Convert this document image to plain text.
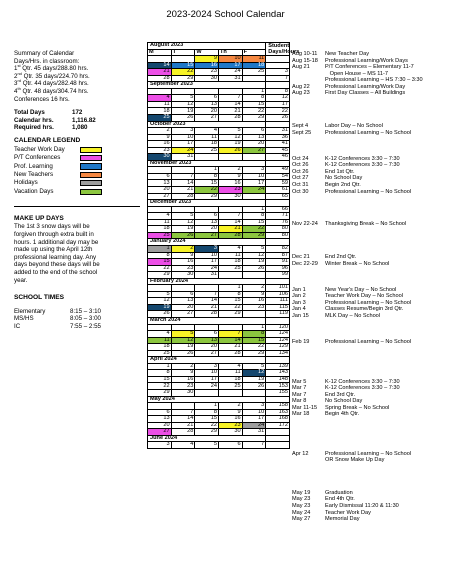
2023-2024 School Calendar
Summary of Calendar
Days/Hrs. in classroom:
1st Qtr. 45 days/288.80 hrs.
2nd Qtr. 35 days/224.70 hrs.
3rd Qtr. 44 days/282.48 hrs.
4th Qtr. 48 days/304.74 hrs.
Conferences 16 hrs.
Total Days	172
Calendar hrs.	1,116.82
Required hrs.	1,080
CALENDAR LEGEND
Teacher Work Day
P/T Conferences
Prof. Learning
New Teachers
Holidays
Vacation Days
MAKE UP DAYS
The 1st 3 snow days will be
forgiven through extra built in
hours. 1 additional day may be
made up using the April 12th
professional learning day. Any
days beyond these days will be
added to the end of the school
year.
SCHOOL TIMES
Elementary	8:15 – 3:10
MS/HS	8:05 – 3:00
IC	7:55 – 2:55
August 2023					Student Days/Hours
M	T	W	Th	F	
		9	10	11	
14	15	16	17	18	
21	22	23	24	25	3
28	29	30	31		7
September 2023					
				1	8
4	5	6	7	8	12
11	12	13	14	15	17
18	19	20	21	22	22
25	26	27	28	29	26
October 2023					
2	3	4	5	6	31
9	10	11	12	13	36
16	17	18	19	20	41
23	24	25	26	27	45
30	31				46
November 2023					
		1	2	3	49
6	7	8	9	10	54
13	14	15	16	17	59
20	21	22	23	24	61
27	28	29	30		65
December 2023					
				1	66
4	5	6	7	8	71
11	12	13	14	15	76
18	19	20	21	22	80
25	26	27	28	29	80
January 2024					
1	2	3	4	5	82
8	9	10	11	12	87
15	16	17	18	19	91
22	23	24	25	26	96
29	30	31			99
February 2024					
			1	2	101
5	6	7	8	9	106
12	13	14	15	16	111
19	20	21	22	23	115
26	27	28	29		119
March 2024					
				1	120
4	5	6	7	8	124
11	12	13	14	15	124
18	19	20	21	22	129
25	26	27	28	29	134
April 2024					
1	2	3	4	5	139
8	9	10	11	12	143
15	16	17	18	19	148
22	23	24	25	26	153
29	30				155
May 2024					
		1	2	3	158
6	7	8	9	10	163
13	14	15	16	17	168
20	21	22	23	24	172
27	28	29	30	31	
June 2024					
3	4	5	6	7	
Aug 10-11	New Teacher Day
Aug 15-18	Professional Learning/Work Days
Aug 21	P/T Conferences – Elementary 11-7
Open House – MS 11-7
Professional Learning – HS 7:30 – 3:30
Aug 22	Professional Learning/Work Day
Aug 23	First Day Classes – All Buildings
Sept 4	Labor Day – No School
Sept 25	Professional Learning – No School
Oct 24	K-12 Conferences 3:30 – 7:30
Oct 26	K-12 Conferences 3:30 – 7:30
Oct 26	End 1st Qtr.
Oct 27	No School Day
Oct 31	Begin 2nd Qtr.
Oct 30	Professional Learning – No School
Nov 22-24	Thanksgiving Break – No School
Dec 21	End 2nd Qtr.
Dec 22-29	Winter Break – No School
Jan 1	New Year's Day – No School
Jan 2	Teacher Work Day – No School
Jan 3	Professional Learning – No School
Jan 4	Classes Resume/Begin 3rd Qtr.
Jan 15	MLK Day – No School
Feb 19	Professional Learning – No School
Mar 5	K-12 Conferences 3:30 – 7:30
Mar 7	K-12 Conferences 3:30 – 7:30
Mar 7	End 3rd Qtr.
Mar 8	No School Day
Mar 11-15	Spring Break – No School
Mar 18	Begin 4th Qtr.
Apr 12	Professional Learning – No School
OR Snow Make Up Day
May 19	Graduation
May 23	End 4th Qtr.
May 23	Early Dismissal 11:20 & 11:30
May 24	Teacher Work Day
May 27	Memorial Day
